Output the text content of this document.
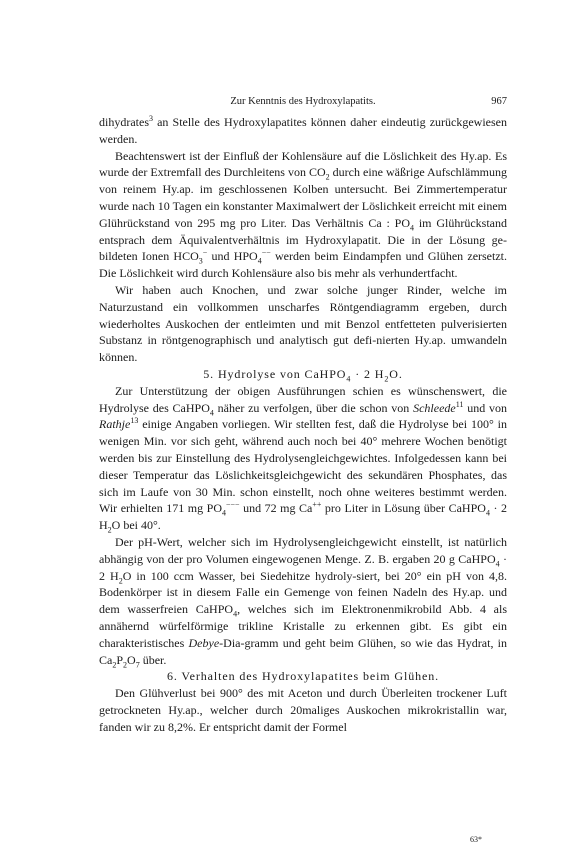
Zur Kenntnis des Hydroxylapatits.	967

dihydrates$^3$ an Stelle des Hydroxylapatites können daher eindeutig zurückgewiesen werden.

Beachtenswert ist der Einfluß der Kohlensäure auf die Löslichkeit des Hy.ap. Es wurde der Extremfall des Durchleitens von $CO_2$ durch eine wäßrige Aufschlämmung von reinem Hy.ap. im geschlossenen Kolben untersucht. Bei Zimmertemperatur wurde nach 10 Tagen ein konstanter Maximalwert der Löslichkeit erreicht mit einem Glührückstand von 295 mg pro Liter. Das Verhältnis Ca : $PO_4$ im Glührückstand entsprach dem Äquivalentverhältnis im Hydroxylapatit. Die in der Lösung ge-bildeten Ionen $HCO_3^-$ und $HPO_4^{--}$ werden beim Eindampfen und Glühen zersetzt. Die Löslichkeit wird durch Kohlensäure also bis mehr als verhundertfacht.

Wir haben auch Knochen, und zwar solche junger Rinder, welche im Naturzustand ein vollkommen unscharfes Röntgendiagramm ergeben, durch wiederholtes Auskochen der entleimten und mit Benzol entfetteten pulverisierten Substanz in röntgenographisch und analytisch gut defi-nierten Hy.ap. umwandeln können.

5. Hydrolyse von CaHPO$_4$ · 2 $H_2O$.

Zur Unterstützung der obigen Ausführungen schien es wünschenswert, die Hydrolyse des CaHPO$_4$ näher zu verfolgen, über die schon von Schleede$^{11}$ und von Rathje$^{13}$ einige Angaben vorliegen. Wir stellten fest, daß die Hydrolyse bei 100° in wenigen Min. vor sich geht, während auch noch bei 40° mehrere Wochen benötigt werden bis zur Einstellung des Hydrolysengleichgewichtes. Infolgedessen kann bei dieser Temperatur das Löslichkeitsgleichgewicht des sekundären Phosphates, das sich im Laufe von 30 Min. schon einstellt, noch ohne weiteres bestimmt werden. Wir erhielten 171 mg $PO_4^{---}$ und 72 mg Ca++ pro Liter in Lösung über CaHPO$_4$ · 2 $H_2O$ bei 40°.

Der pH-Wert, welcher sich im Hydrolysengleichgewicht einstellt, ist natürlich abhängig von der pro Volumen eingewogenen Menge. Z. B. ergaben 20 g CaHPO$_4$ · 2 $H_2O$ in 100 ccm Wasser, bei Siedehitze hydroly-siert, bei 20° ein pH von 4,8. Bodenkörper ist in diesem Falle ein Gemenge von feinen Nadeln des Hy.ap. und dem wasserfreien CaHPO$_4$, welches sich im Elektronenmikrobild Abb. 4 als annähernd würfelförmige trikline Kristalle zu erkennen gibt. Es gibt ein charakteristisches Debye-Dia-gramm und geht beim Glühen, so wie das Hydrat, in $Ca_2P_2O_7$ über.

6. Verhalten des Hydroxylapatites beim Glühen.

Den Glühverlust bei 900° des mit Aceton und durch Überleiten trockener Luft getrockneten Hy.ap., welcher durch 20maliges Auskochen mikrokristallin war, fanden wir zu 8,2%. Er entspricht damit der Formel

63*
